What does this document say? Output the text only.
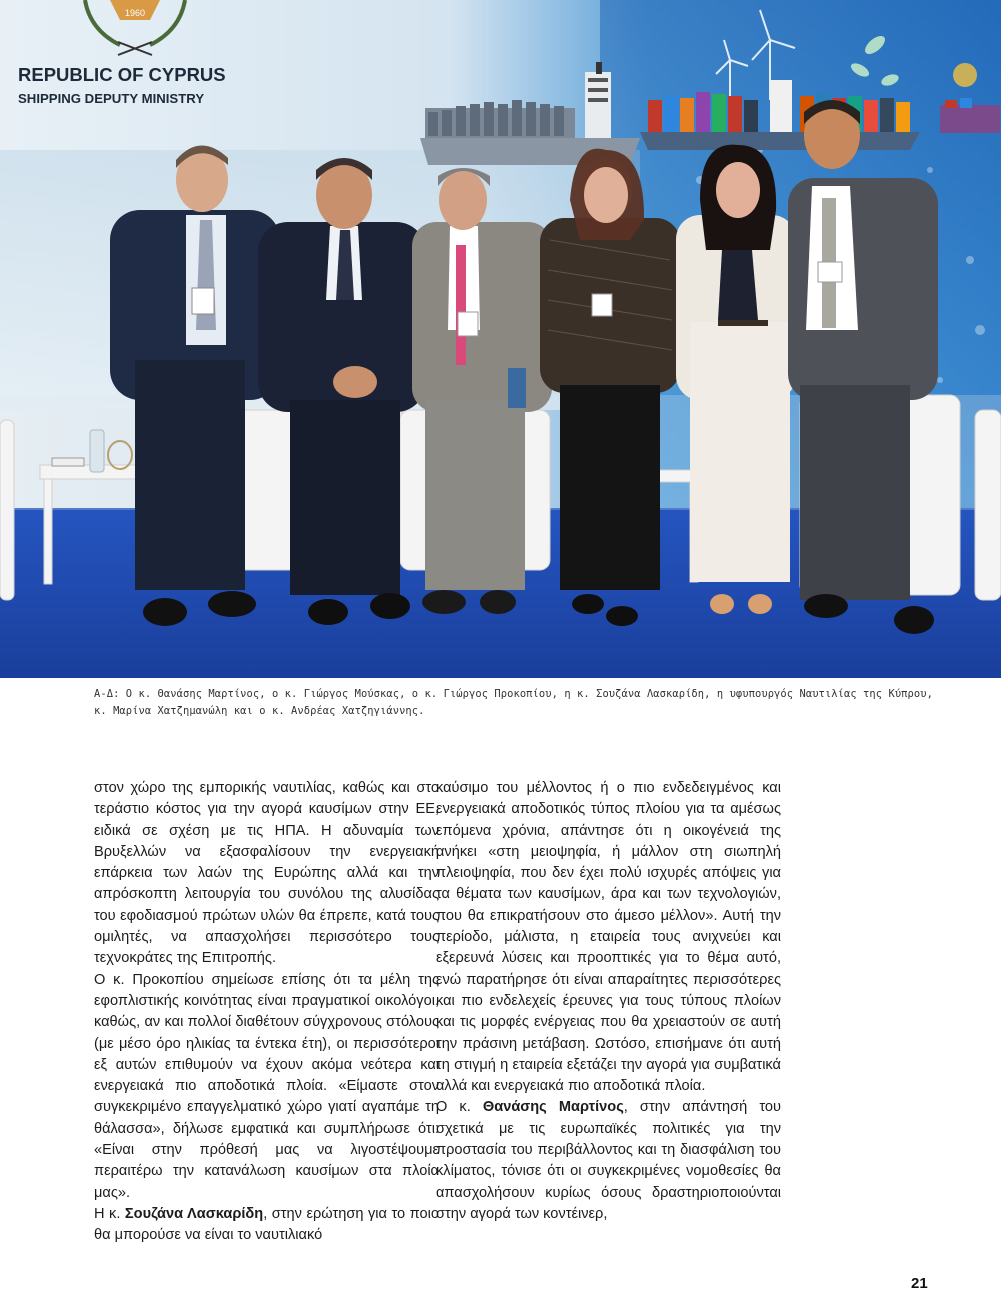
1960
REPUBLIC OF CYPRUS
SHIPPING DEPUTY MINISTRY
Α-Δ: Ο κ. Θανάσης Μαρτίνος, ο κ. Γιώργος Μούσκας, ο κ. Γιώργος Προκοπίου, η κ. Σουζάνα Λασκαρίδη, η υφυπουργός Ναυτιλίας της Κύπρου,
κ. Μαρίνα Χατζημανώλη και ο κ. Ανδρέας Χατζηγιάννης.

στον χώρο της εμπορικής ναυτιλίας, καθώς και στο τεράστιο κόστος για την αγορά καυσίμων στην ΕΕ, ειδικά σε σχέση με τις ΗΠΑ. Η αδυναμία των Βρυξελλών να εξασφαλίσουν την ενεργειακή επάρκεια των λαών της Ευρώπης αλλά και την απρόσκοπτη λειτουργία του συνόλου της αλυσίδας του εφοδιασμού πρώτων υλών θα έπρεπε, κατά τους ομιλητές, να απασχολήσει περισσότερο τους τεχνοκράτες της Επιτροπής.

Ο κ. Προκοπίου σημείωσε επίσης ότι τα μέλη της εφοπλιστικής κοινότητας είναι πραγματικοί οικολόγοι, καθώς, αν και πολλοί διαθέτουν σύγχρονους στόλους (με μέσο όρο ηλικίας τα έντεκα έτη), οι περισσότεροι εξ αυτών επιθυμούν να έχουν ακόμα νεότερα και ενεργειακά πιο αποδοτικά πλοία. «Είμαστε στον συγκεκριμένο επαγγελματικό χώρο γιατί αγαπάμε τη θάλασσα», δήλωσε εμφατικά και συμπλήρωσε ότι: «Είναι στην πρόθεσή μας να λιγοστέψουμε περαιτέρω την κατανάλωση καυσίμων στα πλοία μας».

Η κ. Σουζάνα Λασκαρίδη, στην ερώτηση για το ποιο θα μπορούσε να είναι το ναυτιλιακό

καύσιμο του μέλλοντος ή ο πιο ενδεδειγμένος και ενεργειακά αποδοτικός τύπος πλοίου για τα αμέσως επόμενα χρόνια, απάντησε ότι η οικογένειά της ανήκει «στη μειοψηφία, ή μάλλον στη σιωπηλή πλειοψηφία, που δεν έχει πολύ ισχυρές απόψεις για τα θέματα των καυσίμων, άρα και των τεχνολογιών, που θα επικρατήσουν στο άμεσο μέλλον». Αυτή την περίοδο, μάλιστα, η εταιρεία τους ανιχνεύει και εξερευνά λύσεις και προοπτικές για το θέμα αυτό, ενώ παρατήρησε ότι είναι απαραίτητες περισσότερες και πιο ενδελεχείς έρευνες για τους τύπους πλοίων και τις μορφές ενέργειας που θα χρειαστούν σε αυτή την πράσινη μετάβαση. Ωστόσο, επισήμανε ότι αυτή τη στιγμή η εταιρεία εξετάζει την αγορά για συμβατικά αλλά και ενεργειακά πιο αποδοτικά πλοία.

Ο κ. Θανάσης Μαρτίνος, στην απάντησή του σχετικά με τις ευρωπαϊκές πολιτικές για την προστασία του περιβάλλοντος και τη διασφάλιση του κλίματος, τόνισε ότι οι συγκεκριμένες νομοθεσίες θα απασχολήσουν κυρίως όσους δραστηριοποιούνται στην αγορά των κοντέινερ,

21
